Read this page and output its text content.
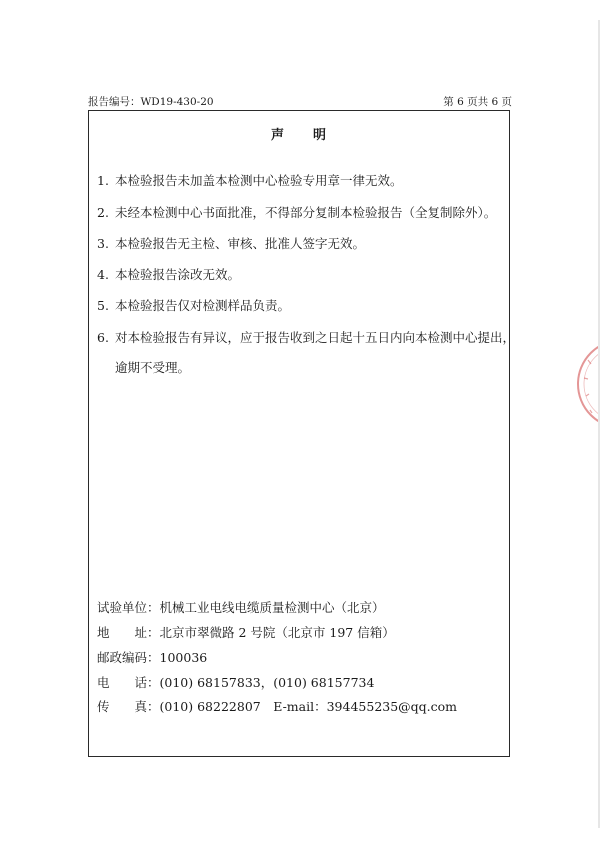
报告编号：WD19-430-20	第 6 页共 6 页
声　　明
1. 本检验报告未加盖本检测中心检验专用章一律无效。
2. 未经本检测中心书面批准，不得部分复制本检验报告（全复制除外）。
3. 本检验报告无主检、审核、批准人签字无效。
4. 本检验报告涂改无效。
5. 本检验报告仅对检测样品负责。
6. 对本检验报告有异议，应于报告收到之日起十五日内向本检测中心提出，
逾期不受理。
试验单位：机械工业电线电缆质量检测中心（北京）
地　　址：北京市翠微路 2 号院（北京市 197 信箱）
邮政编码：100036
电　　话：(010) 68157833，(010) 68157734
传　　真：(010) 68222807　E-mail：394455235@qq.com
